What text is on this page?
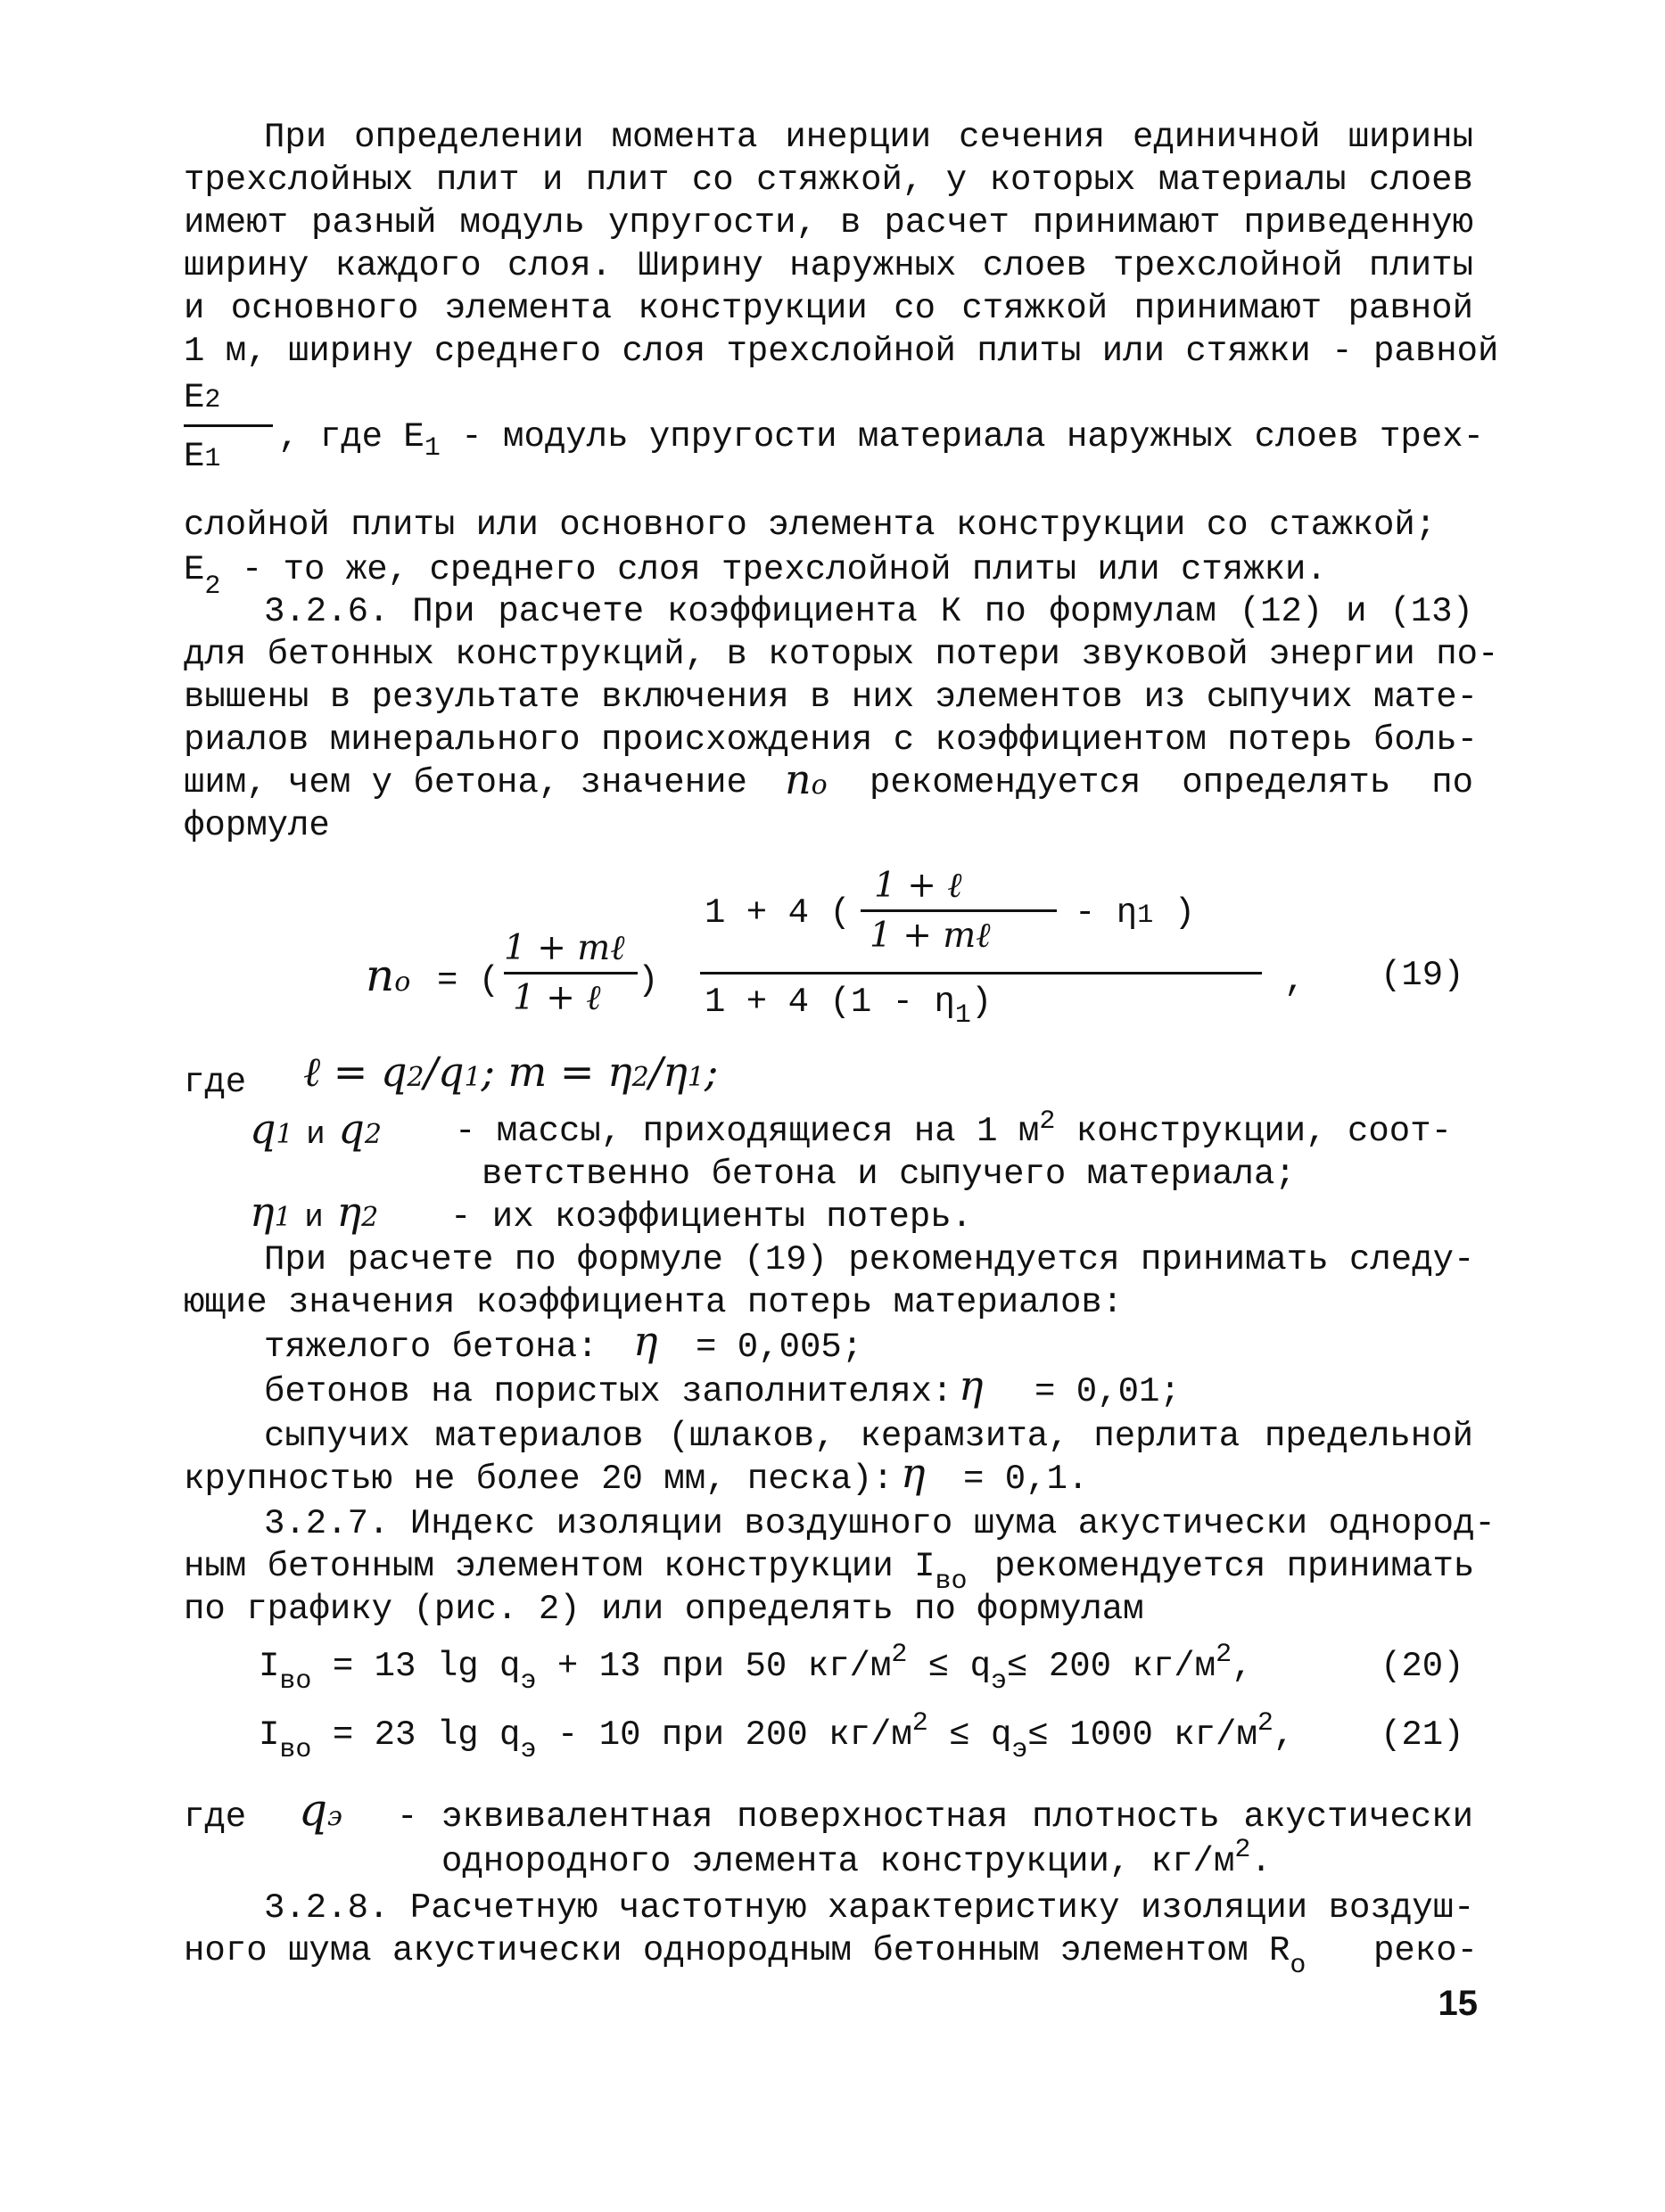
При определении момента инерции сечения единичной ширины
трехслойных плит и плит со стяжкой, у которых материалы слоев
имеют разный модуль упругости, в расчет принимают приведенную
ширину каждого слоя. Ширину наружных слоев трехслойной плиты
и основного элемента конструкции со стяжкой принимают равной
1 м, ширину среднего слоя трехслойной плиты или стяжки - равной
E2
E1
, где $E_1$ - модуль упругости материала наружных слоев трех-
слойной плиты или основного элемента конструкции со стажкой;
$E_2$ - то же, среднего слоя трехслойной плиты или стяжки.
3.2.6. При расчете коэффициента К по формулам (12) и (13)
для бетонных конструкций, в которых потери звуковой энергии по-
вышены в результате включения в них элементов из сыпучих мате-
риалов минерального происхождения с коэффициентом потерь боль-
шим, чем у бетона, значение no рекомендуется определять по
формуле
no = (
1 + mℓ
1 + ℓ )
1 + 4 (
1 + ℓ
1 + mℓ
- η1 )
1 + 4 $(1 - \eta_1)$
, (19)
где ℓ = q2/q1; m = η2/η1;
q1 и q2 - массы, приходящиеся на 1 $м^2$ конструкции, соот-
ветственно бетона и сыпучего материала;
η1 и η2 - их коэффициенты потерь.
При расчете по формуле (19) рекомендуется принимать следу-
ющие значения коэффициента потерь материалов:
тяжелого бетона: η = 0,005;
бетонов на пористых заполнителях: η = 0,01;
сыпучих материалов (шлаков, керамзита, перлита предельной
крупностью не более 20 мм, песка): η = 0,1.
3.2.7. Индекс изоляции воздушного шума акустически однород-
ным бетонным элементом конструкции $I_{во}$ рекомендуется принимать
по графику (рис. 2) или определять по формулам
$I_{во} = 13$ $\lg q_э + 13$ при 50 $кг/м^2 \le q_э\le 200$ $кг/м^2$,	(20)
$I_{во} = 23$ $\lg q_э - 10$ при 200 $кг/м^2 \le q_э\le 1000$ $кг/м^2$, (21)
где qэ - эквивалентная поверхностная плотность акустически
однородного элемента конструкции, $кг/м^2$.
3.2.8. Расчетную частотную характеристику изоляции воздуш-
ного шума акустически однородным бетонным элементом $R_о$ реко-
15
